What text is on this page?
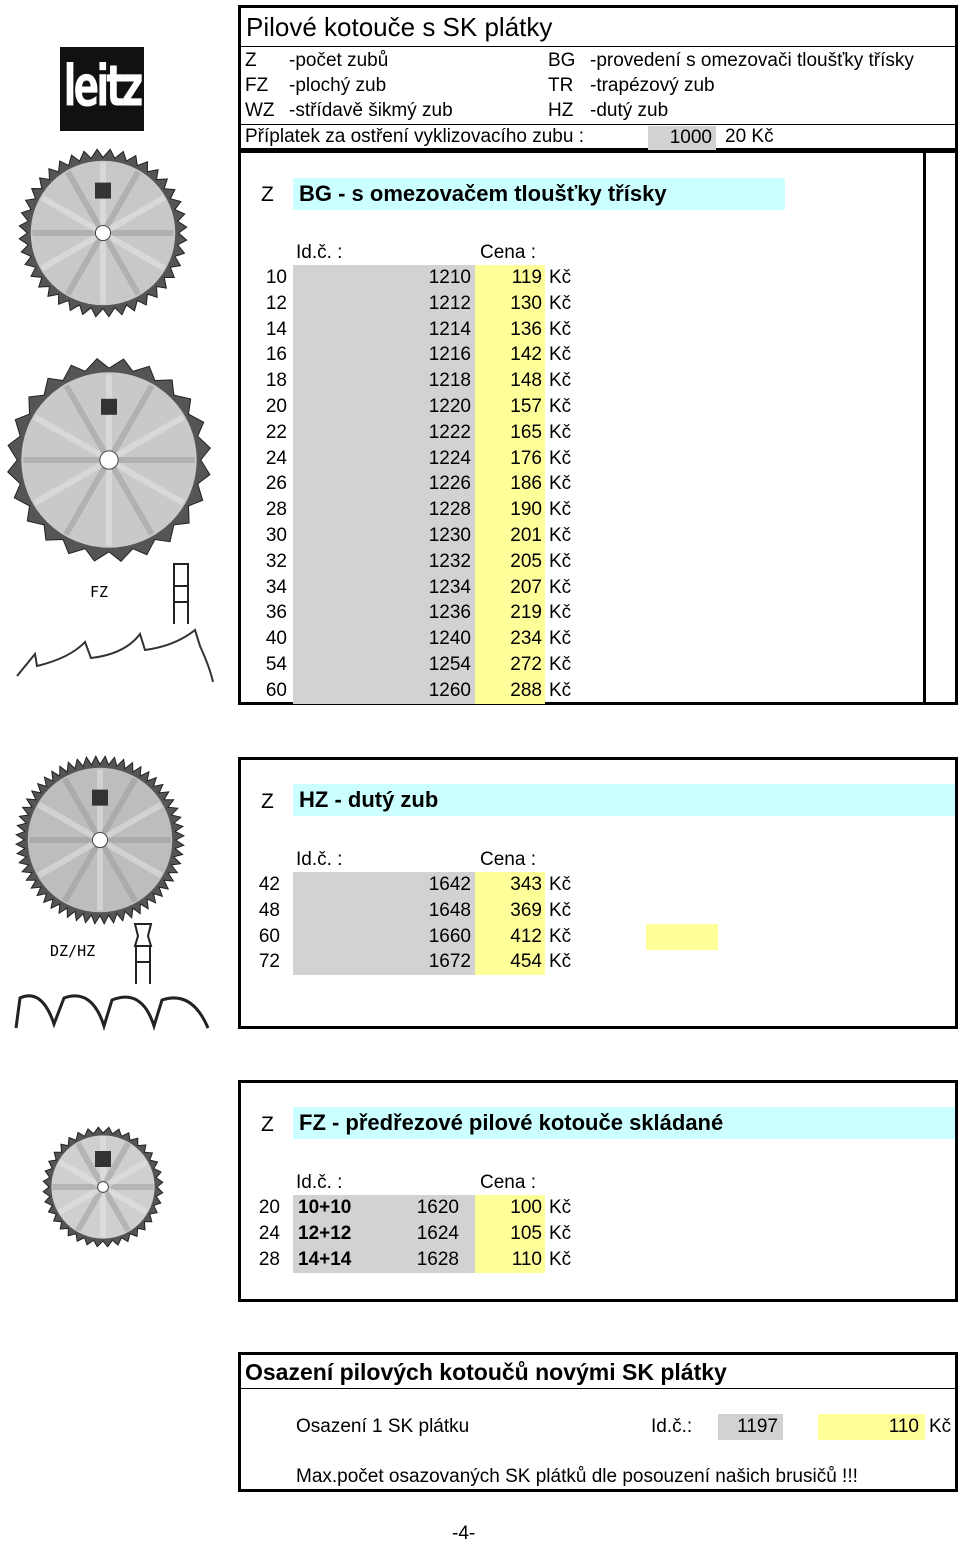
leitz
Pilové kotouče s SK plátky
Z -počet zubů
FZ -plochý zub
WZ -střídavě šikmý zub
BG -provedení s omezovači tloušťky třísky
TR -trapézový zub
HZ -dutý zub
Příplatek za ostření vyklizovacího zubu :	1000 20 Kč
FZ
DZ/HZ
Z BG - s omezovačem tloušťky třísky
Id.č. :	Cena :
10	1210	119 Kč
12	1212	130 Kč
14	1214	136 Kč
16	1216	142 Kč
18	1218	148 Kč
20	1220	157 Kč
22	1222	165 Kč
24	1224	176 Kč
26	1226	186 Kč
28	1228	190 Kč
30	1230	201 Kč
32	1232	205 Kč
34	1234	207 Kč
36	1236	219 Kč
40	1240	234 Kč
54	1254	272 Kč
60	1260	288 Kč
Z HZ - dutý zub
Id.č. :	Cena :
42	1642	343 Kč
48	1648	369 Kč
60	1660	412 Kč
72	1672	454 Kč
Z FZ - předřezové pilové kotouče skládané
Id.č. :	Cena :
20 10+10	1620	100 Kč
24 12+12	1624	105 Kč
28 14+14	1628	110 Kč
Osazení pilových kotoučů novými SK plátky
Osazení 1 SK plátku	Id.č.:	1197	110 Kč
Max.počet osazovaných SK plátků dle posouzení našich brusičů !!!
-4-
